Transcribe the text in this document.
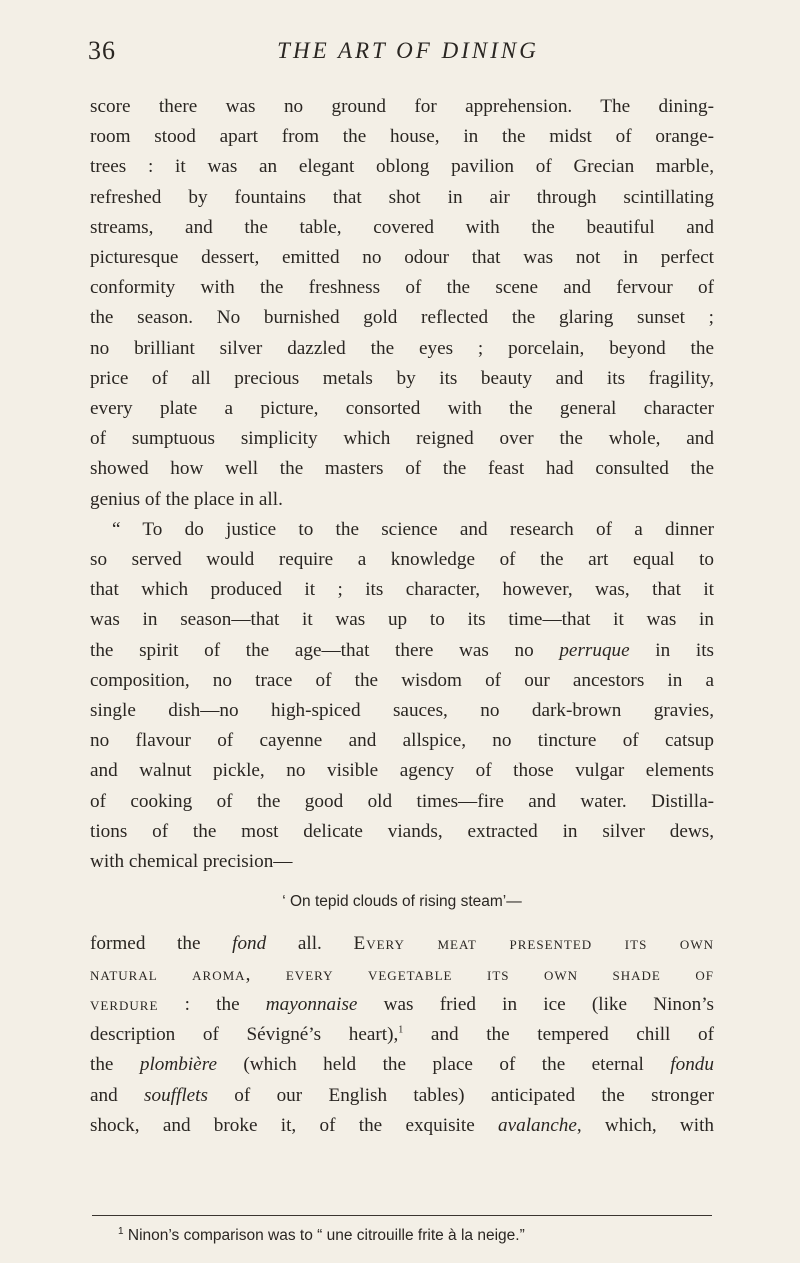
36	THE ART OF DINING
score there was no ground for apprehension. The dining-
room stood apart from the house, in the midst of orange-
trees : it was an elegant oblong pavilion of Grecian marble,
refreshed by fountains that shot in air through scintillating
streams, and the table, covered with the beautiful and
picturesque dessert, emitted no odour that was not in perfect
conformity with the freshness of the scene and fervour of
the season. No burnished gold reflected the glaring sunset ;
no brilliant silver dazzled the eyes ; porcelain, beyond the
price of all precious metals by its beauty and its fragility,
every plate a picture, consorted with the general character
of sumptuous simplicity which reigned over the whole, and
showed how well the masters of the feast had consulted the
genius of the place in all.
“ To do justice to the science and research of a dinner
so served would require a knowledge of the art equal to
that which produced it ; its character, however, was, that it
was in season—that it was up to its time—that it was in
the spirit of the age—that there was no perruque in its
composition, no trace of the wisdom of our ancestors in a
single dish—no high-spiced sauces, no dark-brown gravies,
no flavour of cayenne and allspice, no tincture of catsup
and walnut pickle, no visible agency of those vulgar elements
of cooking of the good old times—fire and water. Distilla-
tions of the most delicate viands, extracted in silver dews,
with chemical precision—
‘ On tepid clouds of rising steam’—
formed the fond all. Every meat presented its own
natural aroma, every vegetable its own shade of
verdure : the mayonnaise was fried in ice (like Ninon’s
description of Sévigné’s heart),$^1$ and the tempered chill of
the plombière (which held the place of the eternal fondu
and soufflets of our English tables) anticipated the stronger
shock, and broke it, of the exquisite avalanche, which, with
$^1$ Ninon’s comparison was to “ une citrouille frite à la neige.”
